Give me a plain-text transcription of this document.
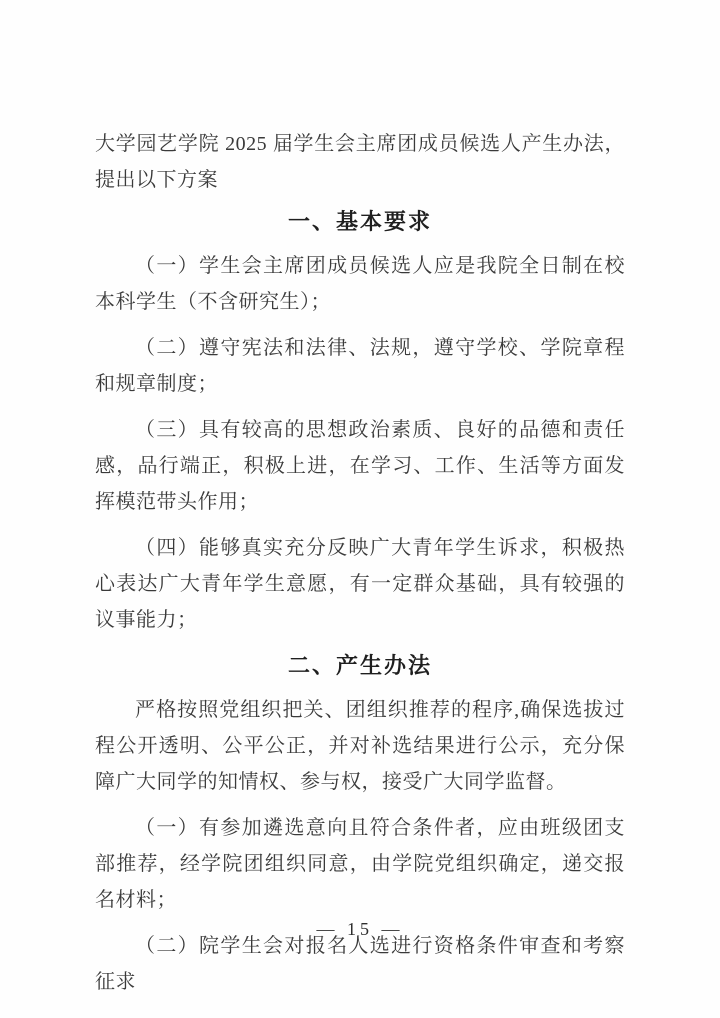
大学园艺学院 2025 届学生会主席团成员候选人产生办法，提出以下方案

一、基本要求

（一）学生会主席团成员候选人应是我院全日制在校本科学生（不含研究生）；

（二）遵守宪法和法律、法规，遵守学校、学院章程和规章制度；

（三）具有较高的思想政治素质、良好的品德和责任感，品行端正，积极上进，在学习、工作、生活等方面发挥模范带头作用；

（四）能够真实充分反映广大青年学生诉求，积极热心表达广大青年学生意愿，有一定群众基础，具有较强的议事能力；

二、产生办法

严格按照党组织把关、团组织推荐的程序,确保选拔过程公开透明、公平公正，并对补选结果进行公示，充分保障广大同学的知情权、参与权，接受广大同学监督。

（一）有参加遴选意向且符合条件者，应由班级团支部推荐，经学院团组织同意，由学院党组织确定，递交报名材料；

（二）院学生会对报名人选进行资格条件审查和考察征求

— 15 —
